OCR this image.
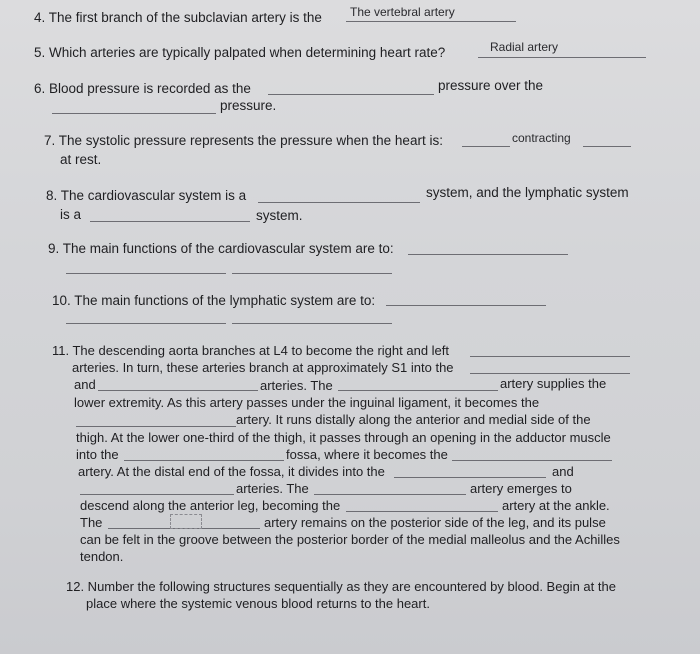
4. The first branch of the subclavian artery is the The vertebral artery
5. Which arteries are typically palpated when determining heart rate?	Radial artery
6. Blood pressure is recorded as the	pressure over the
pressure.
7. The systolic pressure represents the pressure when the heart is:	contracting
at rest.
8. The cardiovascular system is a	system, and the lymphatic system
is a	system.
9. The main functions of the cardiovascular system are to:
10. The main functions of the lymphatic system are to:
11. The descending aorta branches at L4 to become the right and left
arteries. In turn, these arteries branch at approximately S1 into the
and	arteries. The	artery supplies the
lower extremity. As this artery passes under the inguinal ligament, it becomes the
artery. It runs distally along the anterior and medial side of the
thigh. At the lower one-third of the thigh, it passes through an opening in the adductor muscle
into the	fossa, where it becomes the
artery. At the distal end of the fossa, it divides into the	and
arteries. The	artery emerges to
descend along the anterior leg, becoming the	artery at the ankle.
The	artery remains on the posterior side of the leg, and its pulse
can be felt in the groove between the posterior border of the medial malleolus and the Achilles
tendon.
12. Number the following structures sequentially as they are encountered by blood. Begin at the
place where the systemic venous blood returns to the heart.
